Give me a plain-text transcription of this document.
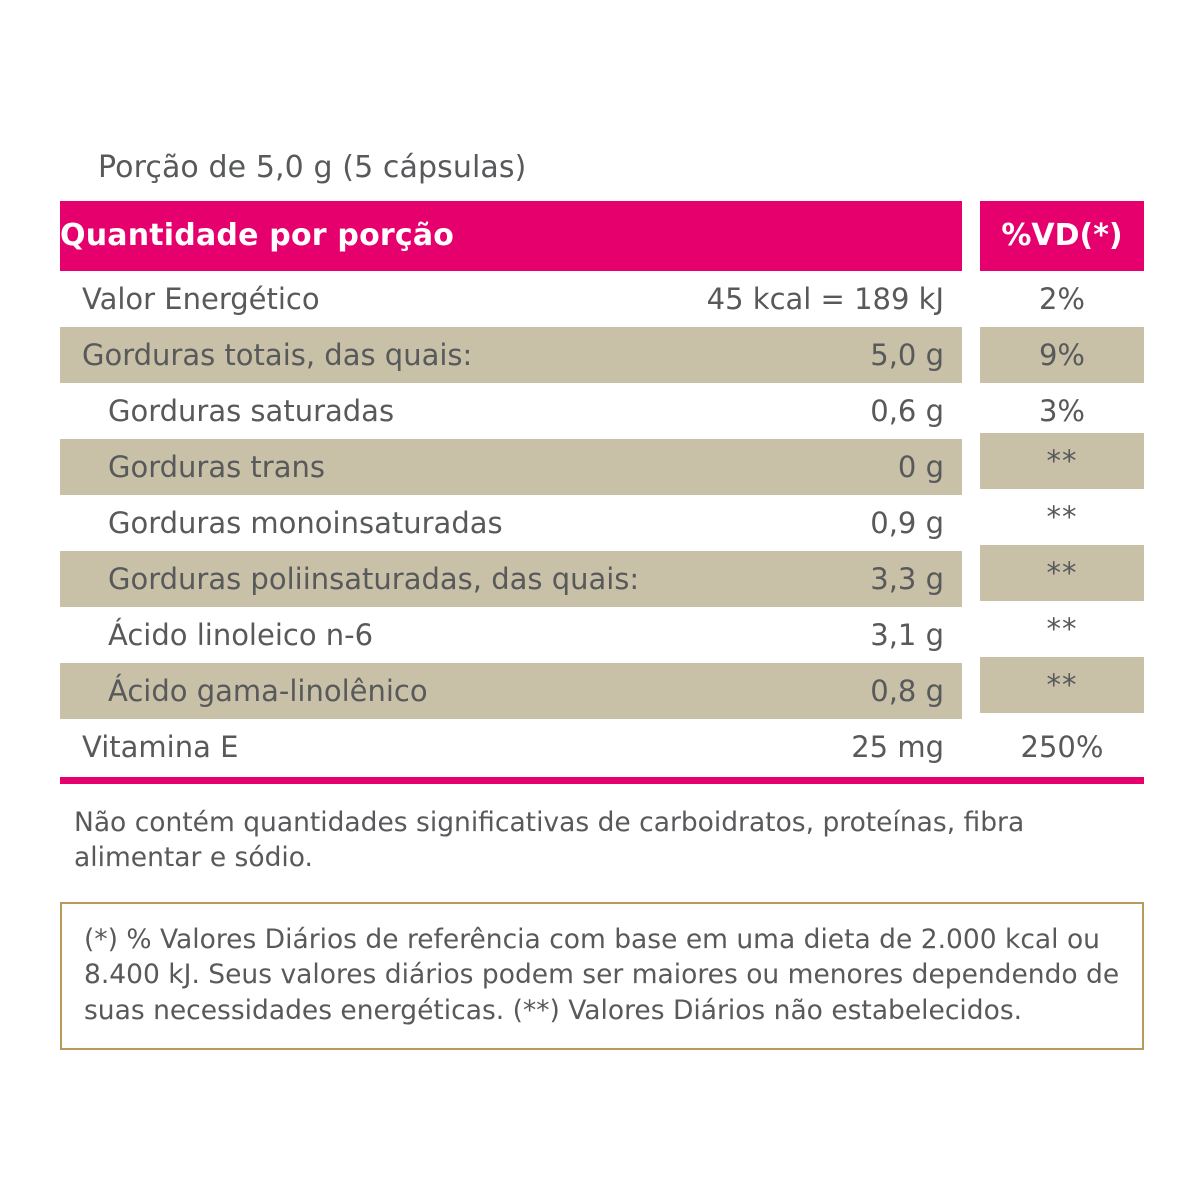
Porção de 5,0 g (5 cápsulas)
Quantidade por porção			%VD(*)
Valor Energético	45 kcal = 189 kJ		2%
Gorduras totais, das quais:	5,0 g		9%
Gorduras saturadas	0,6 g		3%
Gorduras trans	0 g		**
Gorduras monoinsaturadas	0,9 g		**
Gorduras poliinsaturadas, das quais:	3,3 g		**
Ácido linoleico n-6	3,1 g		**
Ácido gama-linolênico	0,8 g		**
Vitamina E	25 mg		250%
Não contém quantidades significativas de carboidratos, proteínas, fibra alimentar e sódio.
(*) % Valores Diários de referência com base em uma dieta de 2.000 kcal ou 8.400 kJ. Seus valores diários podem ser maiores ou menores dependendo de suas necessidades energéticas. (**) Valores Diários não estabelecidos.
